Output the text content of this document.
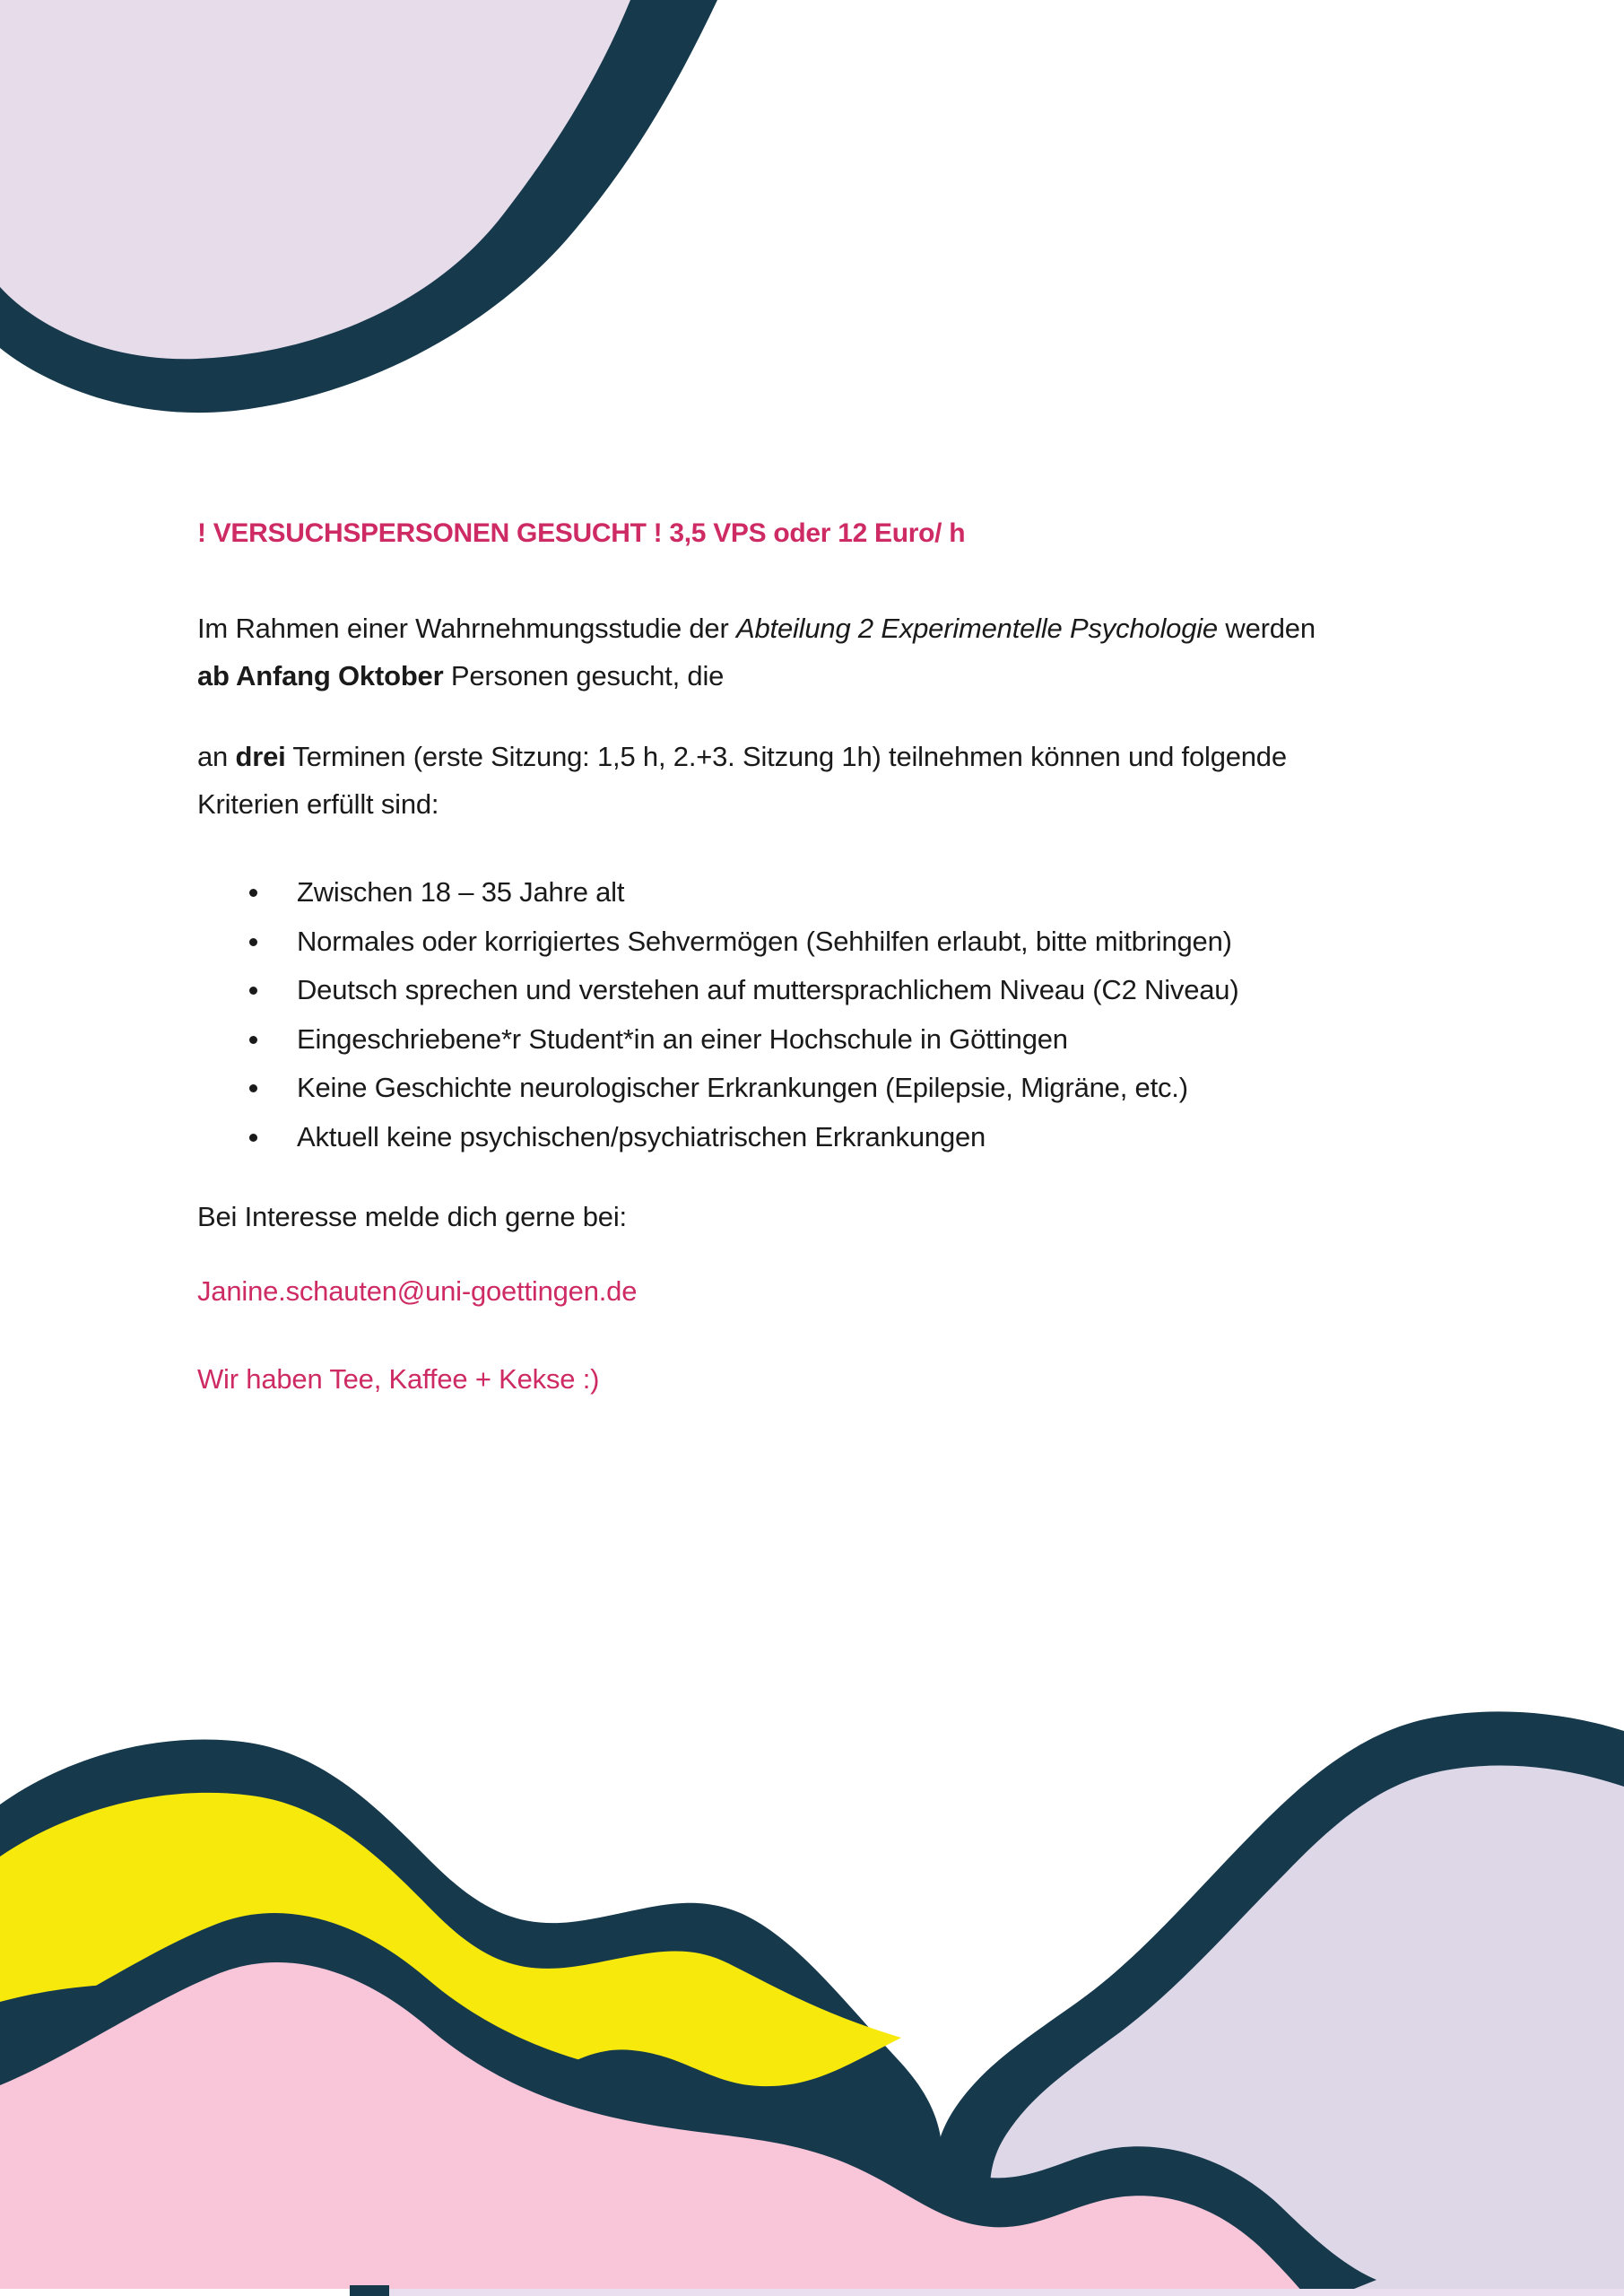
! VERSUCHSPERSONEN GESUCHT ! 3,5 VPS oder 12 Euro/ h
Im Rahmen einer Wahrnehmungsstudie der Abteilung 2 Experimentelle Psychologie werden
ab Anfang Oktober Personen gesucht, die
an drei Terminen (erste Sitzung: 1,5 h, 2.+3. Sitzung 1h) teilnehmen können und folgende
Kriterien erfüllt sind:
Zwischen 18 – 35 Jahre alt
Normales oder korrigiertes Sehvermögen (Sehhilfen erlaubt, bitte mitbringen)
Deutsch sprechen und verstehen auf muttersprachlichem Niveau (C2 Niveau)
Eingeschriebene*r Student*in an einer Hochschule in Göttingen
Keine Geschichte neurologischer Erkrankungen (Epilepsie, Migräne, etc.)
Aktuell keine psychischen/psychiatrischen Erkrankungen
Bei Interesse melde dich gerne bei:
Janine.schauten@uni-goettingen.de
Wir haben Tee, Kaffee + Kekse :)
